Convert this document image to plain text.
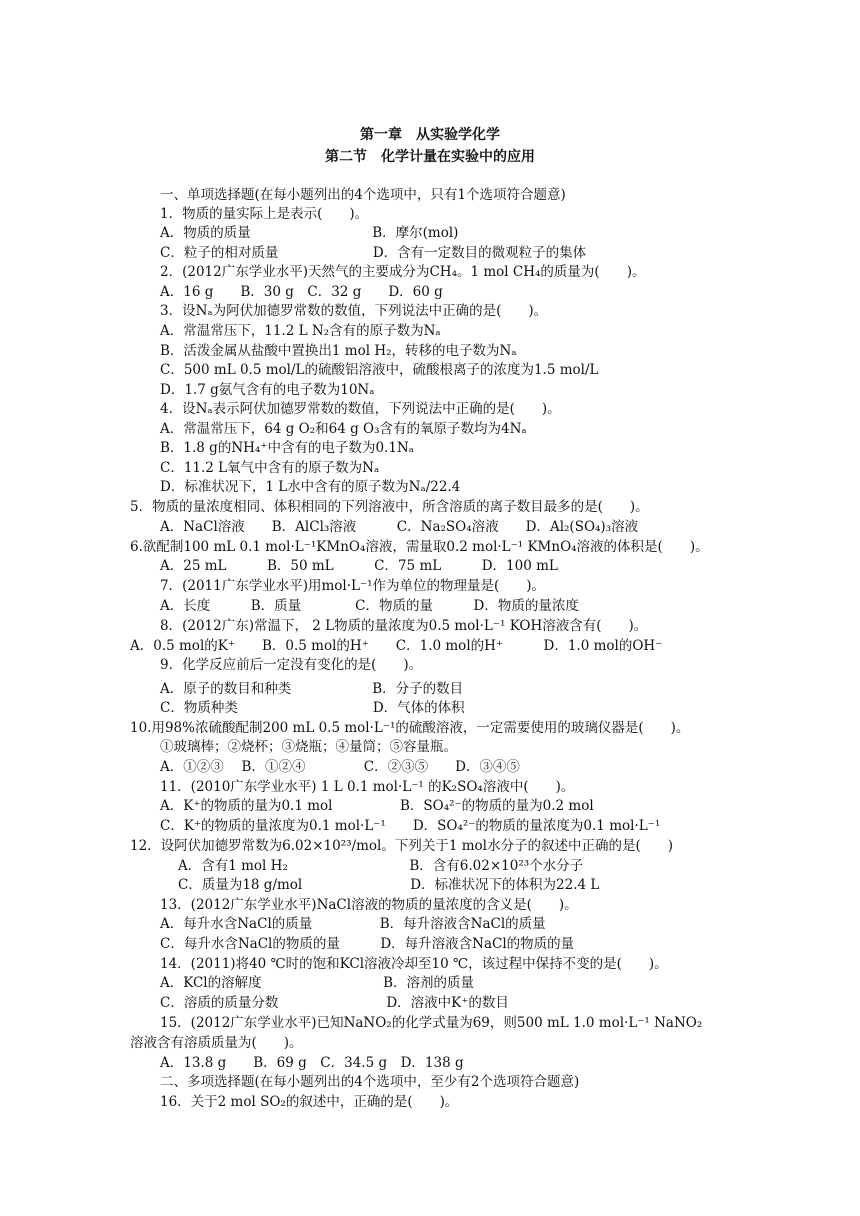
第一章　从实验学化学
第二节　化学计量在实验中的应用
一、单项选择题(在每小题列出的4个选项中，只有1个选项符合题意)
1．物质的量实际上是表示(　　)。
A．物质的质量　　　　　　　　　B．摩尔(mol)
C．粒子的相对质量　　　　　　　D．含有一定数目的微观粒子的集体
2．(2012广东学业水平)天然气的主要成分为CH₄。1 mol CH₄的质量为(　　)。
A．16 g　　B．30 g　C．32 g　　D．60 g
3．设Nₐ为阿伏加德罗常数的数值，下列说法中正确的是(　　)。
A．常温常压下，11.2 L N₂含有的原子数为Nₐ
B．活泼金属从盐酸中置换出1 mol H₂，转移的电子数为Nₐ
C．500 mL 0.5 mol/L的硫酸铝溶液中，硫酸根离子的浓度为1.5 mol/L
D．1.7 g氨气含有的电子数为10Nₐ
4．设Nₐ表示阿伏加德罗常数的数值，下列说法中正确的是(　　)。
A．常温常压下，64 g O₂和64 g O₃含有的氧原子数均为4Nₐ
B．1.8 g的NH₄⁺中含有的电子数为0.1Nₐ
C．11.2 L氧气中含有的原子数为Nₐ
D．标准状况下，1 L水中含有的原子数为Nₐ/22.4
5．物质的量浓度相同、体积相同的下列溶液中，所含溶质的离子数目最多的是(　　)。
A．NaCl溶液　　B．AlCl₃溶液　　　C．Na₂SO₄溶液　　D．Al₂(SO₄)₃溶液
6.欲配制100 mL 0.1 mol·L⁻¹KMnO₄溶液，需量取0.2 mol·L⁻¹ KMnO₄溶液的体积是(　　)。
A．25 mL　　　B．50 mL　　　C．75 mL　　　D．100 mL
7．(2011广东学业水平)用mol·L⁻¹作为单位的物理量是(　　)。
A．长度　　　B．质量　　　　C．物质的量　　　D．物质的量浓度
8．(2012广东)常温下， 2 L物质的量浓度为0.5 mol·L⁻¹ KOH溶液含有(　　)。
A．0.5 mol的K⁺　　B．0.5 mol的H⁺　　C．1.0 mol的H⁺　　　D．1.0 mol的OH⁻
9．化学反应前后一定没有变化的是(　　)。
A．原子的数目和种类　　　　　　B．分子的数目
C．物质种类　　　　　　　　　　D．气体的体积
10.用98%浓硫酸配制200 mL 0.5 mol·L⁻¹的硫酸溶液，一定需要使用的玻璃仪器是(　　)。
①玻璃棒；②烧杯；③烧瓶；④量筒；⑤容量瓶。
A．①②③　 B．①②④　　　　 C．②③⑤　　D．③④⑤
11．(2010广东学业水平) 1 L 0.1 mol·L⁻¹ 的K₂SO₄溶液中(　　)。
A．K⁺的物质的量为0.1 mol　　　　　B．SO₄²⁻的物质的量为0.2 mol
C．K⁺的物质的量浓度为0.1 mol·L⁻¹　　D．SO₄²⁻的物质的量浓度为0.1 mol·L⁻¹
12．设阿伏加德罗常数为6.02×10²³/mol。下列关于1 mol水分子的叙述中正确的是(　　)
A．含有1 mol H₂　　　　　　　　　B．含有6.02×10²³个水分子
C．质量为18 g/mol　　　　　　　　D．标准状况下的体积为22.4 L
13．(2012广东学业水平)NaCl溶液的物质的量浓度的含义是(　　)。
A．每升水含NaCl的质量　　　　　B．每升溶液含NaCl的质量
C．每升水含NaCl的物质的量　　　D．每升溶液含NaCl的物质的量
14．(2011)将40 ℃时的饱和KCl溶液冷却至10 ℃，该过程中保持不变的是(　　)。
A．KCl的溶解度　　　　　　　　　B．溶剂的质量
C．溶质的质量分数　　　　　　　　D．溶液中K⁺的数目
15．(2012广东学业水平)已知NaNO₂的化学式量为69，则500 mL 1.0 mol·L⁻¹ NaNO₂
溶液含有溶质质量为(　　)。
A．13.8 g　　B．69 g　C．34.5 g　D．138 g
二、多项选择题(在每小题列出的4个选项中，至少有2个选项符合题意)
16．关于2 mol SO₂的叙述中，正确的是(　　)。
